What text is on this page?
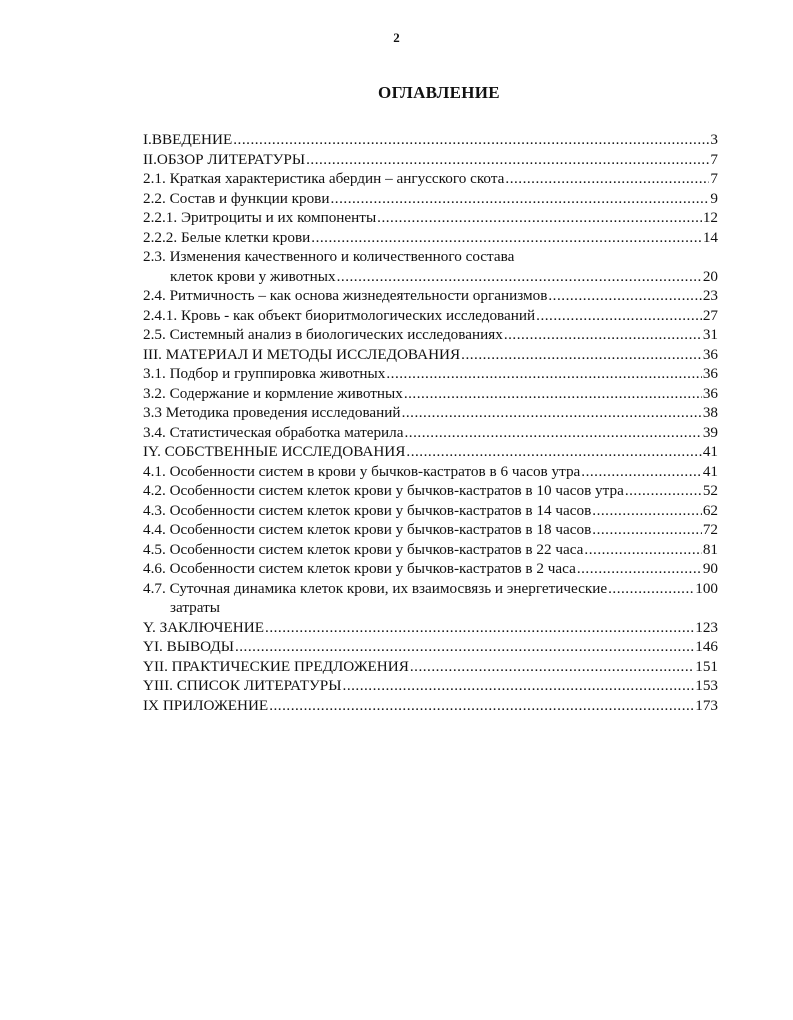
2
ОГЛАВЛЕНИЕ
I.ВВЕДЕНИЕ .....	3
II.ОБЗОР ЛИТЕРАТУРЫ .....	7
2.1. Краткая характеристика абердин – ангусского скота .....	7
2.2. Состав и функции крови .....	9
2.2.1. Эритроциты и их компоненты .....	12
2.2.2. Белые клетки крови .....	14
2.3. Изменения качественного и количественного состава
клеток крови у животных .....	20
2.4. Ритмичность – как основа жизнедеятельности организмов .....	23
2.4.1. Кровь - как объект биоритмологических исследований .....	27
2.5. Системный анализ в биологических исследованиях .....	31
III. МАТЕРИАЛ И МЕТОДЫ ИССЛЕДОВАНИЯ .....	36
3.1. Подбор и группировка животных .....	36
3.2. Содержание и кормление животных .....	36
3.3 Методика проведения исследований .....	38
3.4. Статистическая обработка материла .....	39
IY. СОБСТВЕННЫЕ ИССЛЕДОВАНИЯ .....	41
4.1. Особенности систем в крови у бычков-кастратов в 6 часов утра .....	41
4.2. Особенности систем клеток крови у бычков-кастратов в 10 часов утра .....	52
4.3. Особенности систем клеток крови у бычков-кастратов в 14 часов .....	62
4.4. Особенности систем клеток крови у бычков-кастратов в 18 часов .....	72
4.5. Особенности систем клеток крови у бычков-кастратов в 22 часа .....	81
4.6. Особенности систем клеток крови у бычков-кастратов в 2 часа .....	90
4.7. Суточная динамика клеток крови, их взаимосвязь и энергетические .....	100
затраты
Y. ЗАКЛЮЧЕНИЕ .....	123
YI. ВЫВОДЫ .....	146
YII. ПРАКТИЧЕСКИЕ ПРЕДЛОЖЕНИЯ .....	151
YIII. СПИСОК ЛИТЕРАТУРЫ .....	153
IX ПРИЛОЖЕНИЕ .....	173
